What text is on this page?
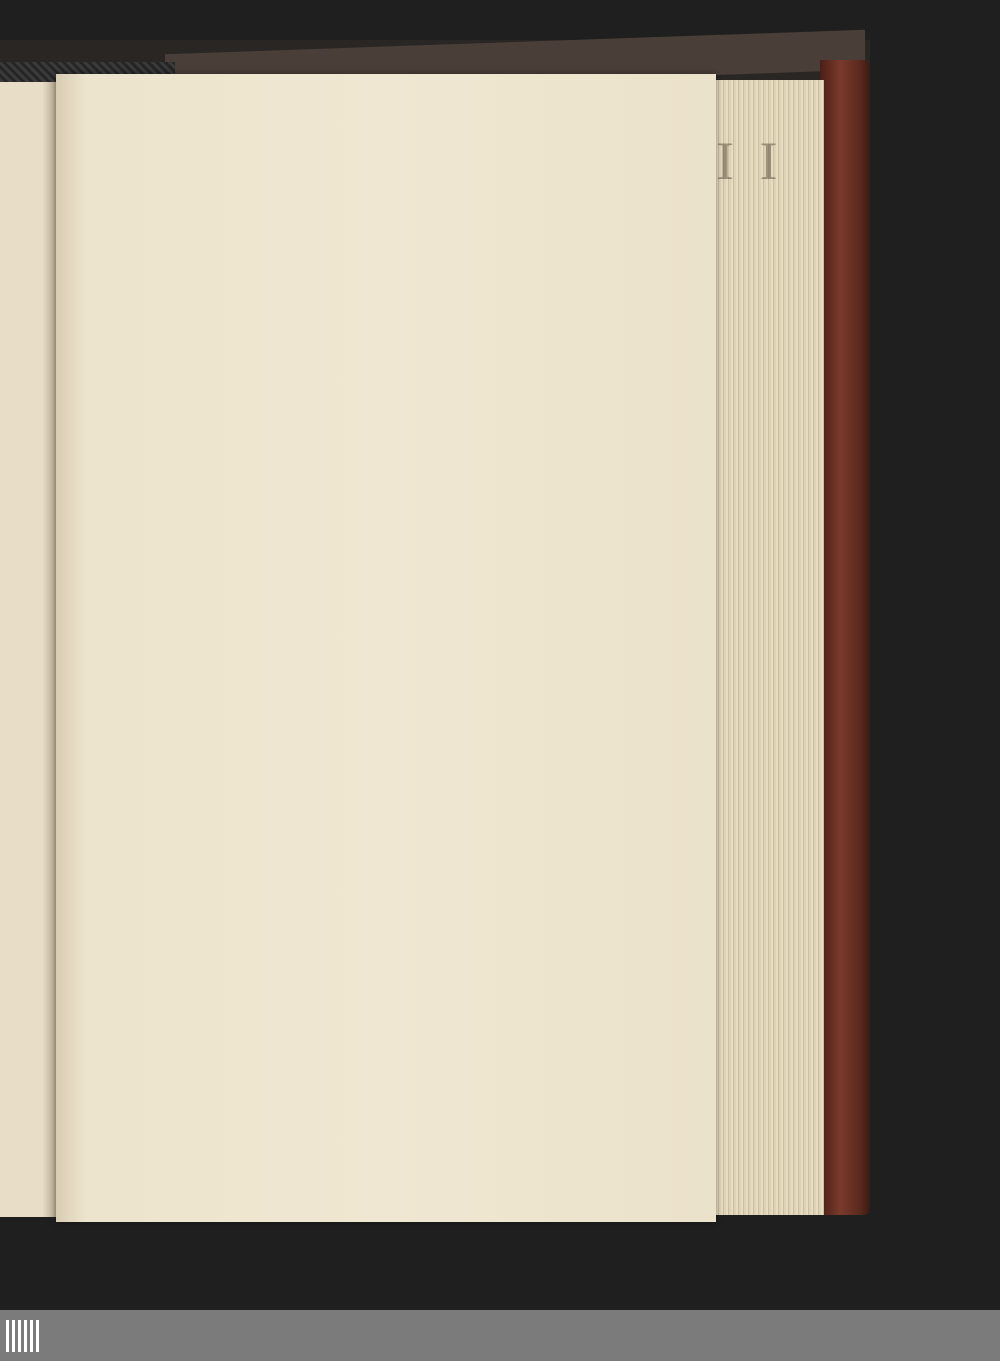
I I
